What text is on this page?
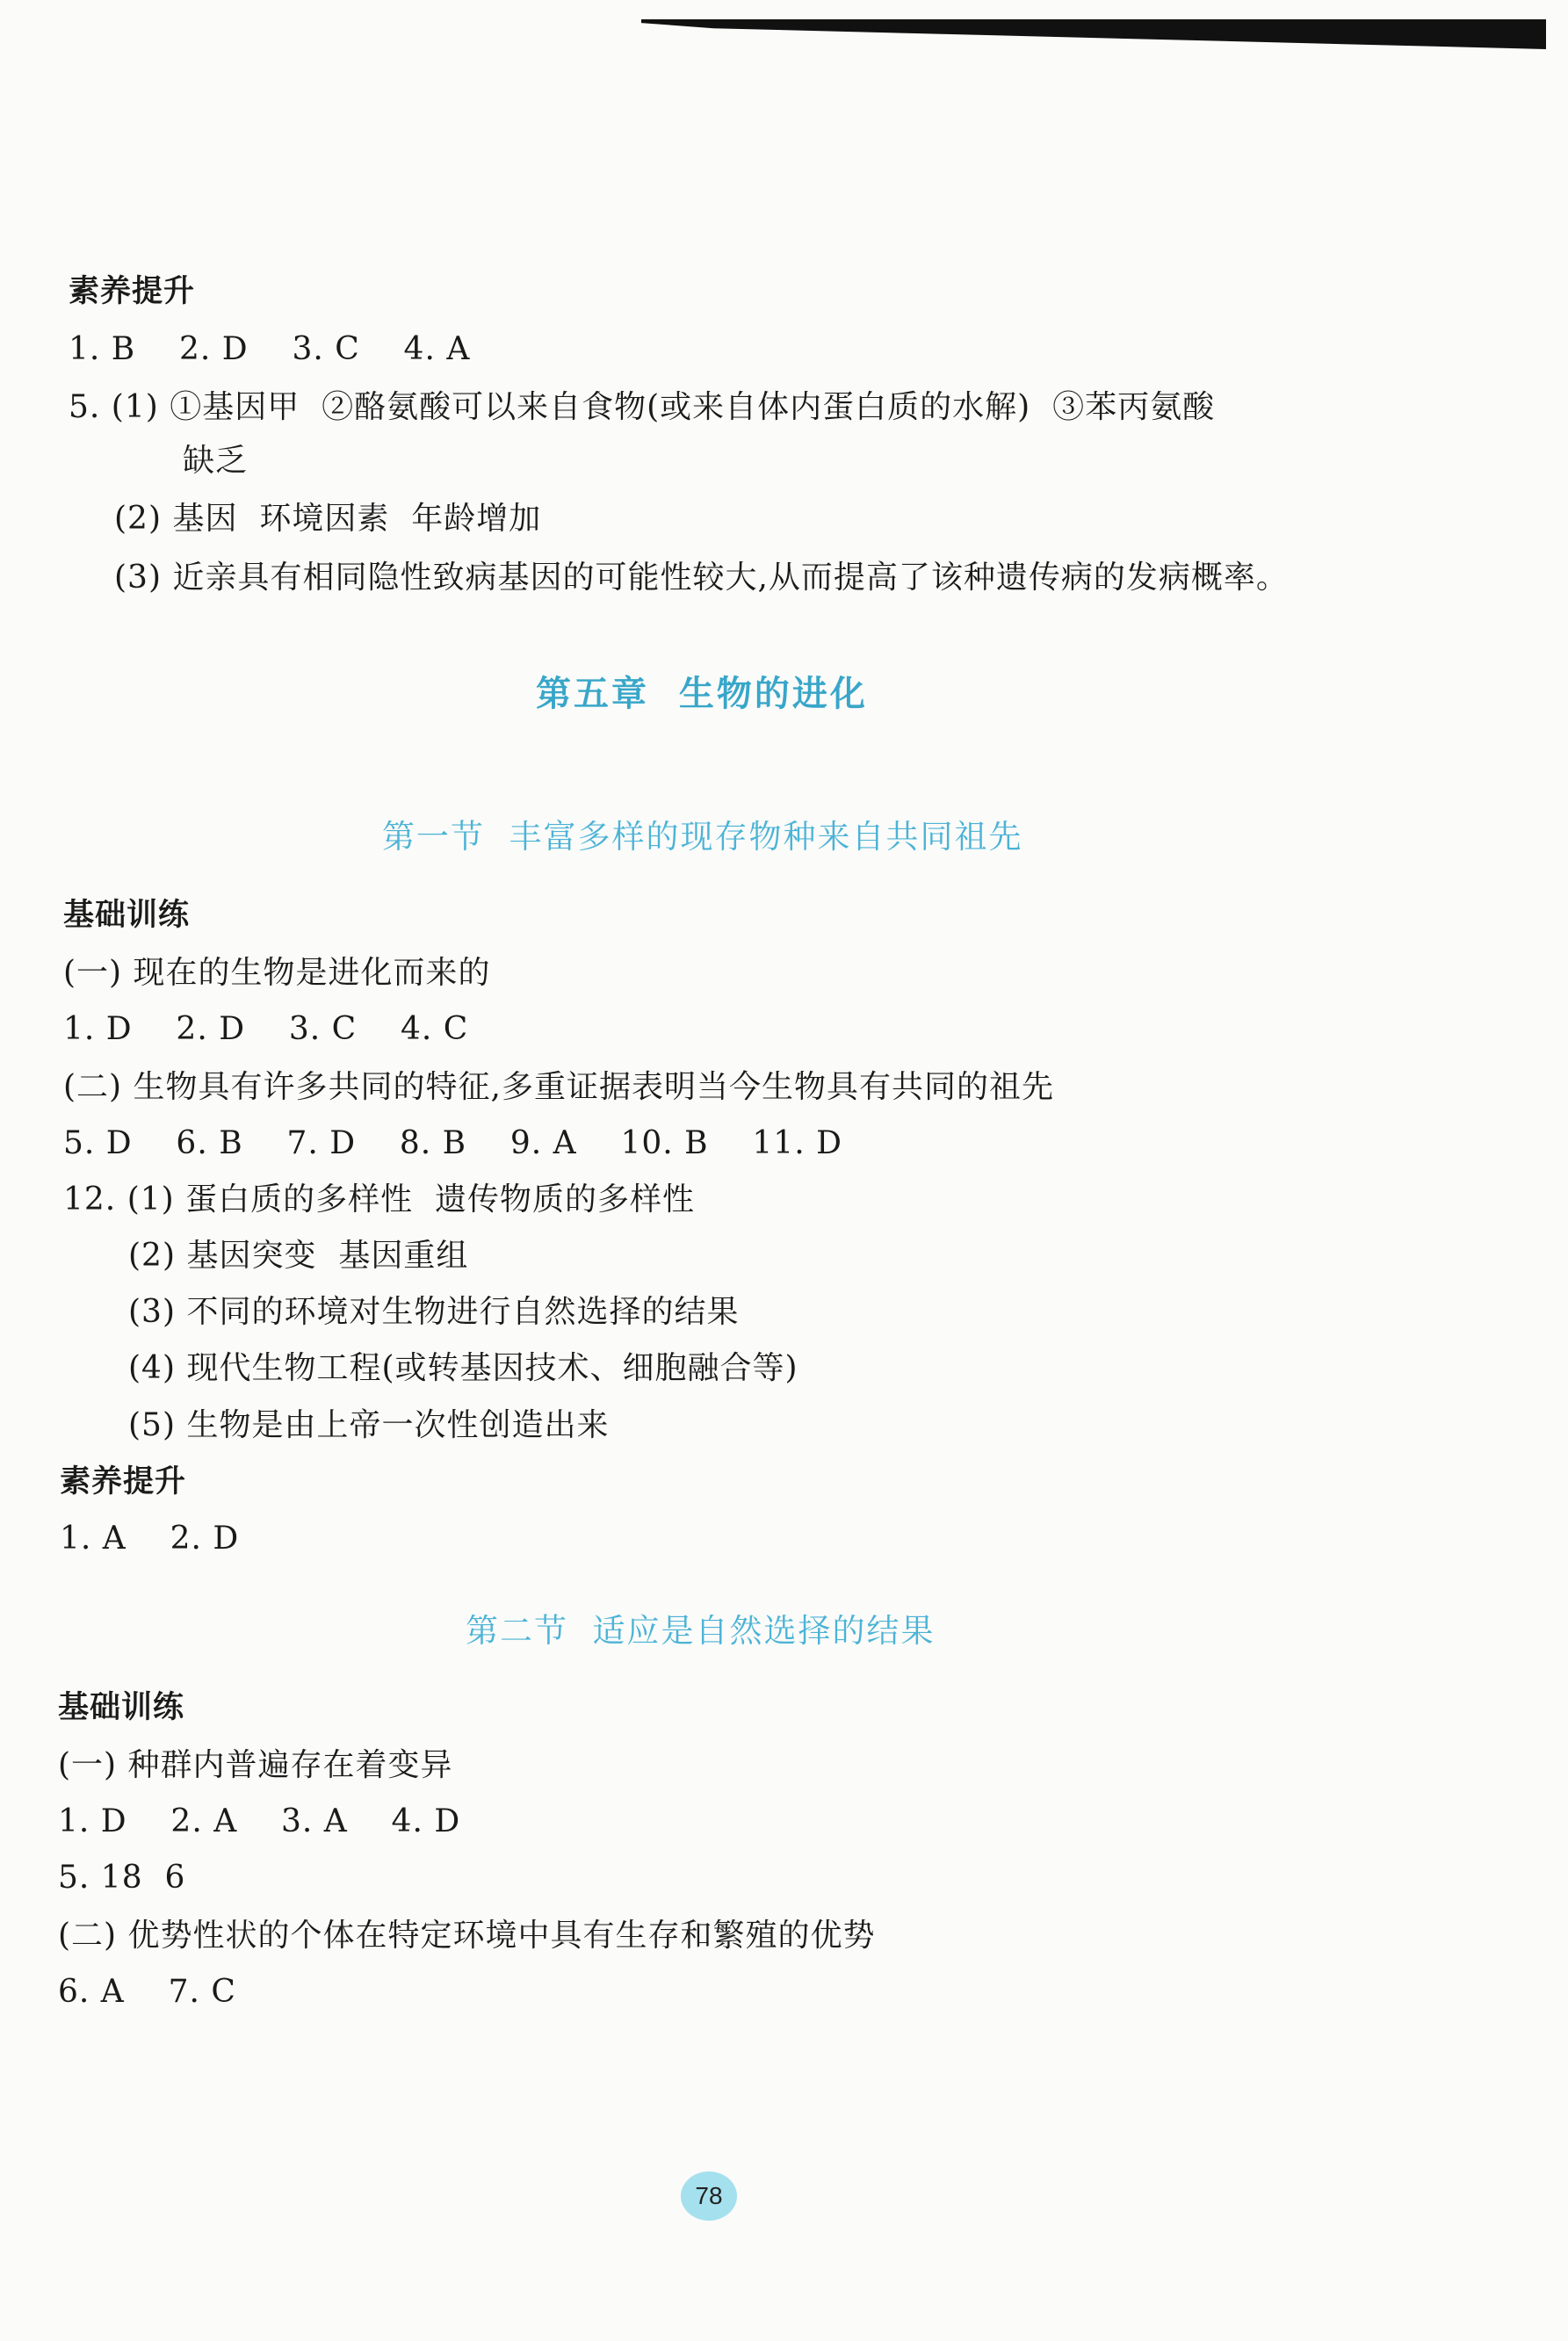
素养提升
1. B    2. D    3. C    4. A
5. (1) ①基因甲  ②酪氨酸可以来自食物(或来自体内蛋白质的水解)  ③苯丙氨酸
缺乏
(2) 基因  环境因素  年龄增加
(3) 近亲具有相同隐性致病基因的可能性较大,从而提高了该种遗传病的发病概率。
第五章  生物的进化
第一节  丰富多样的现存物种来自共同祖先
基础训练
(一) 现在的生物是进化而来的
1. D    2. D    3. C    4. C
(二) 生物具有许多共同的特征,多重证据表明当今生物具有共同的祖先
5. D    6. B    7. D    8. B    9. A    10. B    11. D
12. (1) 蛋白质的多样性  遗传物质的多样性
(2) 基因突变  基因重组
(3) 不同的环境对生物进行自然选择的结果
(4) 现代生物工程(或转基因技术、细胞融合等)
(5) 生物是由上帝一次性创造出来
素养提升
1. A    2. D
第二节  适应是自然选择的结果
基础训练
(一) 种群内普遍存在着变异
1. D    2. A    3. A    4. D
5. 18  6
(二) 优势性状的个体在特定环境中具有生存和繁殖的优势
6. A    7. C
78
